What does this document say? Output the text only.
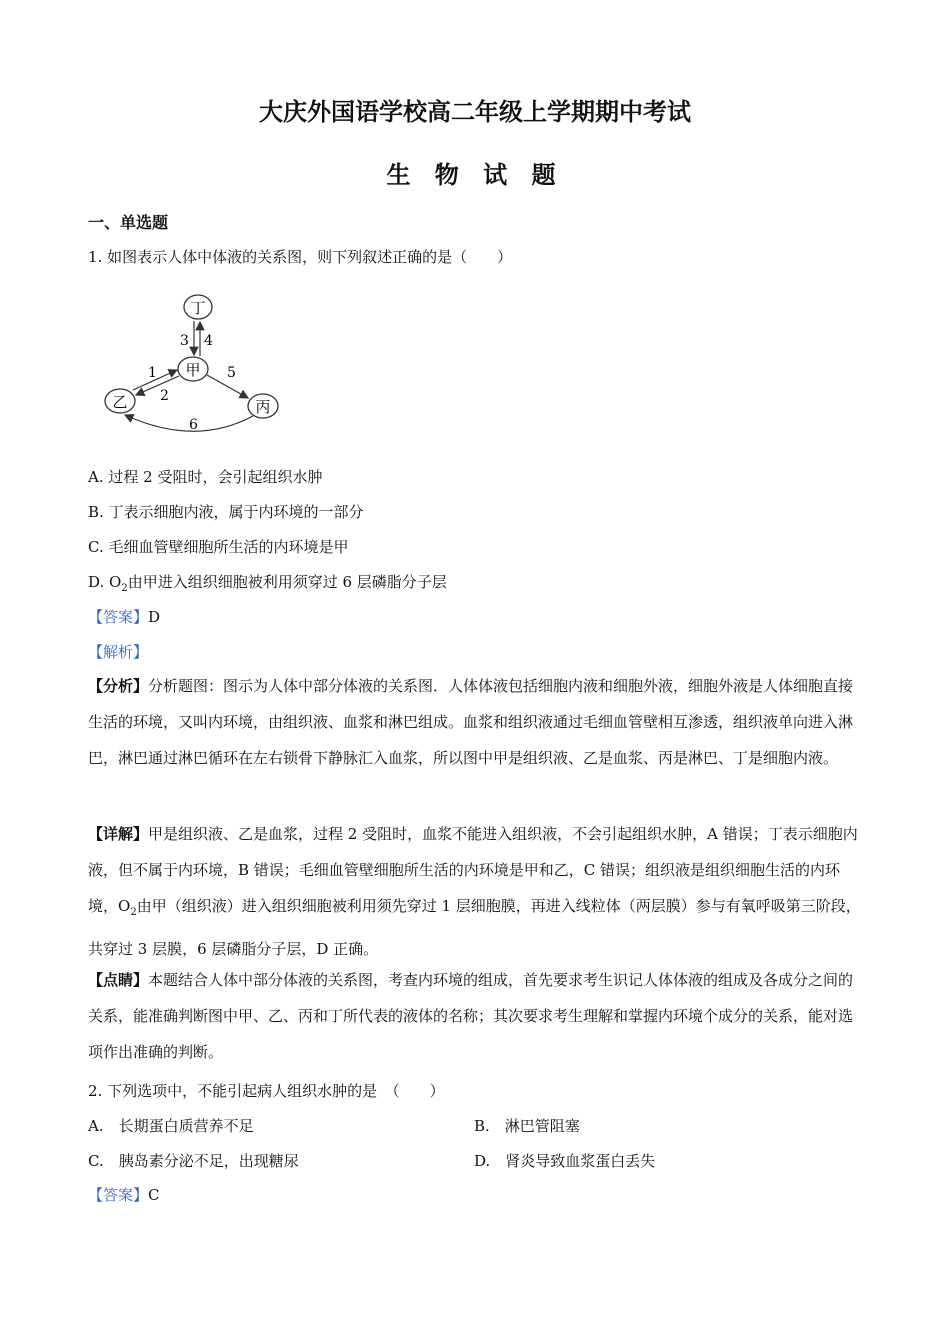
大庆外国语学校高二年级上学期期中考试
生 物 试 题
一、单选题
1. 如图表示人体中体液的关系图，则下列叙述正确的是（　　）
丁
甲
乙	丙
3 4
1
2
5
6
A. 过程 2 受阻时，会引起组织水肿
B. 丁表示细胞内液，属于内环境的一部分
C. 毛细血管壁细胞所生活的内环境是甲
D. $O_2$由甲进入组织细胞被利用须穿过 6 层磷脂分子层
【答案】D
【解析】
【分析】分析题图：图示为人体中部分体液的关系图．人体体液包括细胞内液和细胞外液，细胞外液是人体细胞直接生活的环境，又叫内环境，由组织液、血浆和淋巴组成。血浆和组织液通过毛细血管壁相互渗透，组织液单向进入淋巴，淋巴通过淋巴循环在左右锁骨下静脉汇入血浆，所以图中甲是组织液、乙是血浆、丙是淋巴、丁是细胞内液。
【详解】甲是组织液、乙是血浆，过程 2 受阻时，血浆不能进入组织液，不会引起组织水肿，A 错误；丁表示细胞内液，但不属于内环境，B 错误；毛细血管壁细胞所生活的内环境是甲和乙，C 错误；组织液是组织细胞生活的内环境，$O_2$由甲（组织液）进入组织细胞被利用须先穿过 1 层细胞膜，再进入线粒体（两层膜）参与有氧呼吸第三阶段，共穿过 3 层膜，6 层磷脂分子层，D 正确。
【点睛】本题结合人体中部分体液的关系图，考查内环境的组成，首先要求考生识记人体体液的组成及各成分之间的关系，能准确判断图中甲、乙、丙和丁所代表的液体的名称；其次要求考生理解和掌握内环境个成分的关系，能对选项作出准确的判断。
2. 下列选项中，不能引起病人组织水肿的是　（　　）
A.　长期蛋白质营养不足	B.　淋巴管阻塞
C.　胰岛素分泌不足，出现糖尿	D.　肾炎导致血浆蛋白丢失
【答案】C
